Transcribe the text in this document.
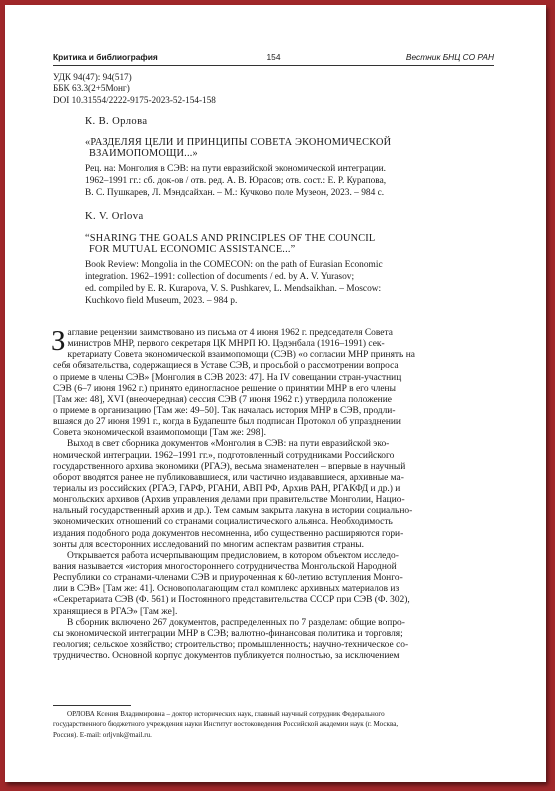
Критика и библиография	154	Вестник БНЦ СО РАН
УДК 94(47): 94(517)
ББК 63.3(2+5Монг)
DOI 10.31554/2222-9175-2023-52-154-158
К. В. Орлова
«РАЗДЕЛЯЯ ЦЕЛИ И ПРИНЦИПЫ СОВЕТА ЭКОНОМИЧЕСКОЙ
ВЗАИМОПОМОЩИ...»
Рец. на: Монголия в СЭВ: на пути евразийской экономической интеграции.
1962–1991 гг.: сб. док-ов / отв. ред. А. В. Юрасов; отв. сост.: Е. Р. Курапова,
В. С. Пушкарев, Л. Мэндсайхан. – М.: Кучково поле Музеон, 2023. – 984 с.
K. V. Orlova
“SHARING THE GOALS AND PRINCIPLES OF THE COUNCIL
FOR MUTUAL ECONOMIC ASSISTANCE...”
Book Review: Mongolia in the COMECON: on the path of Eurasian Economic
integration. 1962–1991: collection of documents / ed. by A. V. Yurasov;
ed. compiled by E. R. Kurapova, V. S. Pushkarev, L. Mendsaikhan. – Moscow:
Kuchkovo field Museum, 2023. – 984 p.
З аглавие рецензии заимствовано из письма от 4 июня 1962 г. председателя Совета
министров МНР, первого секретаря ЦК МНРП Ю. Цэдэнбала (1916–1991) сек-
кретариату Совета экономической взаимопомощи (СЭВ) «о согласии МНР принять на
себя обязательства, содержащиеся в Уставе СЭВ, и просьбой о рассмотрении вопроса
о приеме в члены СЭВ» [Монголия в СЭВ 2023: 47]. На IV совещании стран-участниц
СЭВ (6–7 июня 1962 г.) принято единогласное решение о принятии МНР в его члены
[Там же: 48], XVI (внеочередная) сессия СЭВ (7 июня 1962 г.) утвердила положение
о приеме в организацию [Там же: 49–50]. Так началась история МНР в СЭВ, продли-
вшаяся до 27 июня 1991 г., когда в Будапеште был подписан Протокол об упразднении
Совета экономической взаимопомощи [Там же: 298].
Выход в свет сборника документов «Монголия в СЭВ: на пути евразийской эко-
номической интеграции. 1962–1991 гг.», подготовленный сотрудниками Российского
государственного архива экономики (РГАЭ), весьма знаменателен – впервые в научный
оборот вводятся ранее не публиковавшиеся, или частично издававшиеся, архивные ма-
териалы из российских (РГАЭ, ГАРФ, РГАНИ, АВП РФ, Архив РАН, РГАКФД и др.) и
монгольских архивов (Архив управления делами при правительстве Монголии, Нацио-
нальный государственный архив и др.). Тем самым закрыта лакуна в истории социально-
экономических отношений со странами социалистического альянса. Необходимость
издания подобного рода документов несомненна, ибо существенно расширяются гори-
зонты для всесторонних исследований по многим аспектам развития страны.
Открывается работа исчерпывающим предисловием, в котором объектом исследо-
вания называется «история многостороннего сотрудничества Монгольской Народной
Республики со странами-членами СЭВ и приуроченная к 60-летию вступления Монго-
лии в СЭВ» [Там же: 41]. Основополагающим стал комплекс архивных материалов из
«Секретариата СЭВ (Ф. 561) и Постоянного представительства СССР при СЭВ (Ф. 302),
хранящиеся в РГАЭ» [Там же].
В сборник включено 267 документов, распределенных по 7 разделам: общие вопро-
сы экономической интеграции МНР в СЭВ; валютно-финансовая политика и торговля;
геология; сельское хозяйство; строительство; промышленность; научно-техническое со-
трудничество. Основной корпус документов публикуется полностью, за исключением
ОРЛОВА Ксения Владимировна – доктор исторических наук, главный научный сотрудник Федерального
государственного бюджетного учреждения науки Институт востоковедения Российской академии наук (г. Москва,
Россия). E-mail: orljvnk@mail.ru.
